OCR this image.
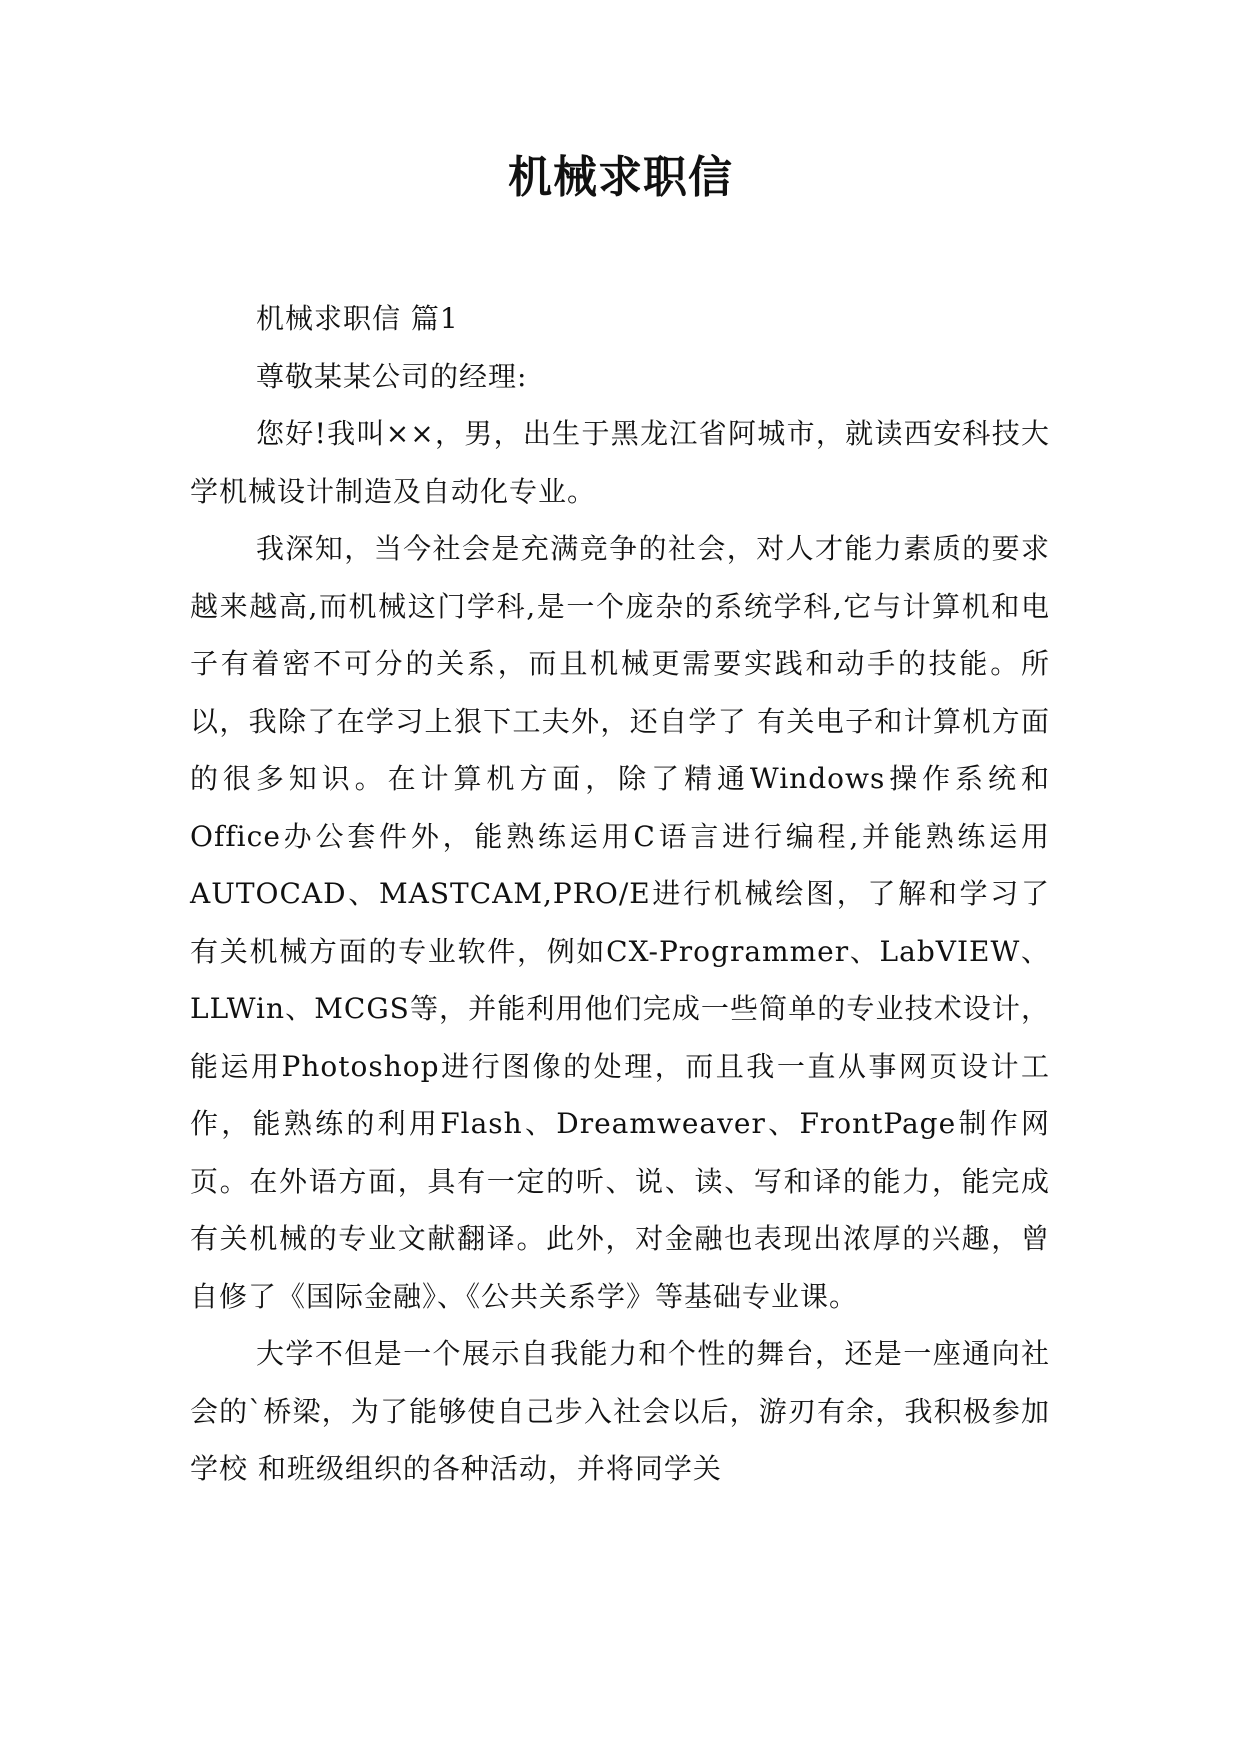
机械求职信

机械求职信 篇1

尊敬某某公司的经理:

您好!我叫××，男，出生于黑龙江省阿城市，就读西安科技大学机械设计制造及自动化专业。

我深知，当今社会是充满竞争的社会，对人才能力素质的要求越来越高,而机械这门学科,是一个庞杂的系统学科,它与计算机和电子有着密不可分的关系，而且机械更需要实践和动手的技能。所以，我除了在学习上狠下工夫外，还自学了 有关电子和计算机方面的很多知识。在计算机方面，除了精通Windows操作系统和Office办公套件外，能熟练运用C语言进行编程,并能熟练运用AUTOCAD、MASTCAM,PRO/E进行机械绘图，了解和学习了有关机械方面的专业软件，例如CX-Programmer、LabVIEW、LLWin、MCGS等，并能利用他们完成一些简单的专业技术设计，能运用Photoshop进行图像的处理，而且我一直从事网页设计工作，能熟练的利用Flash、Dreamweaver、FrontPage制作网页。在外语方面，具有一定的听、说、读、写和译的能力，能完成有关机械的专业文献翻译。此外，对金融也表现出浓厚的兴趣，曾自修了《国际金融》、《公共关系学》等基础专业课。

大学不但是一个展示自我能力和个性的舞台，还是一座通向社会的`桥梁，为了能够使自己步入社会以后，游刃有余，我积极参加学校 和班级组织的各种活动，并将同学关
